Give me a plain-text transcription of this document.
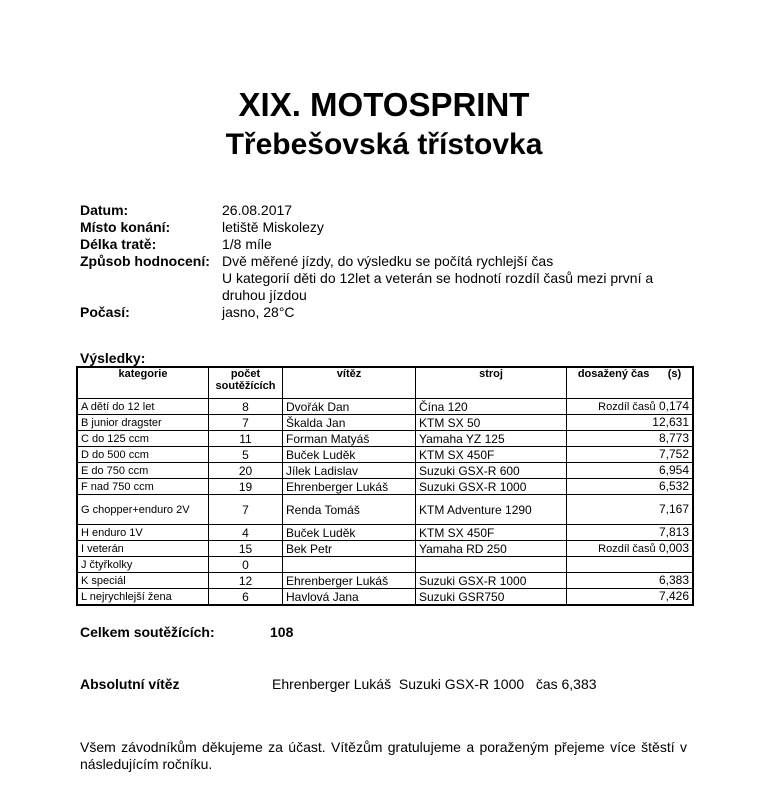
XIX. MOTOSPRINT
Třebešovská třístovka
Datum:	26.08.2017
Místo konání:	letiště Miskolezy
Délka tratě:	1/8 míle
Způsob hodnocení: Dvě měřené jízdy, do výsledku se počítá rychlejší čas
U kategorií děti do 12let a veterán se hodnotí rozdíl časů mezi první a druhou jízdou
Počasí:	jasno, 28°C
Výsledky:
kategorie	počet soutěžících	vítěz	stroj	dosažený čas (s)
A dětí do 12 let	8	Dvořák Dan	Čína 120	Rozdíl časů 0,174
B junior dragster	7	Škalda Jan	KTM SX 50	12,631
C do 125 ccm	11	Forman Matyáš	Yamaha YZ 125	8,773
D do 500 ccm	5	Buček Luděk	KTM SX 450F	7,752
E do 750 ccm	20	Jílek Ladislav	Suzuki GSX-R 600	6,954
F nad 750 ccm	19	Ehrenberger Lukáš	Suzuki GSX-R 1000	6,532
G chopper+enduro 2V	7	Renda Tomáš	KTM Adventure 1290	7,167
H enduro 1V	4	Buček Luděk	KTM SX 450F	7,813
I veterán	15	Bek Petr	Yamaha RD 250	Rozdíl časů 0,003
J čtyřkolky	0			
K speciál	12	Ehrenberger Lukáš	Suzuki GSX-R 1000	6,383
L nejrychlejší žena	6	Havlová Jana	Suzuki GSR750	7,426
Celkem soutěžících:	108
Absolutní vítěz	Ehrenberger Lukáš Suzuki GSX-R 1000 čas 6,383
Všem závodníkům děkujeme za účast. Vítězům gratulujeme a poraženým přejeme více štěstí v následujícím ročníku.
